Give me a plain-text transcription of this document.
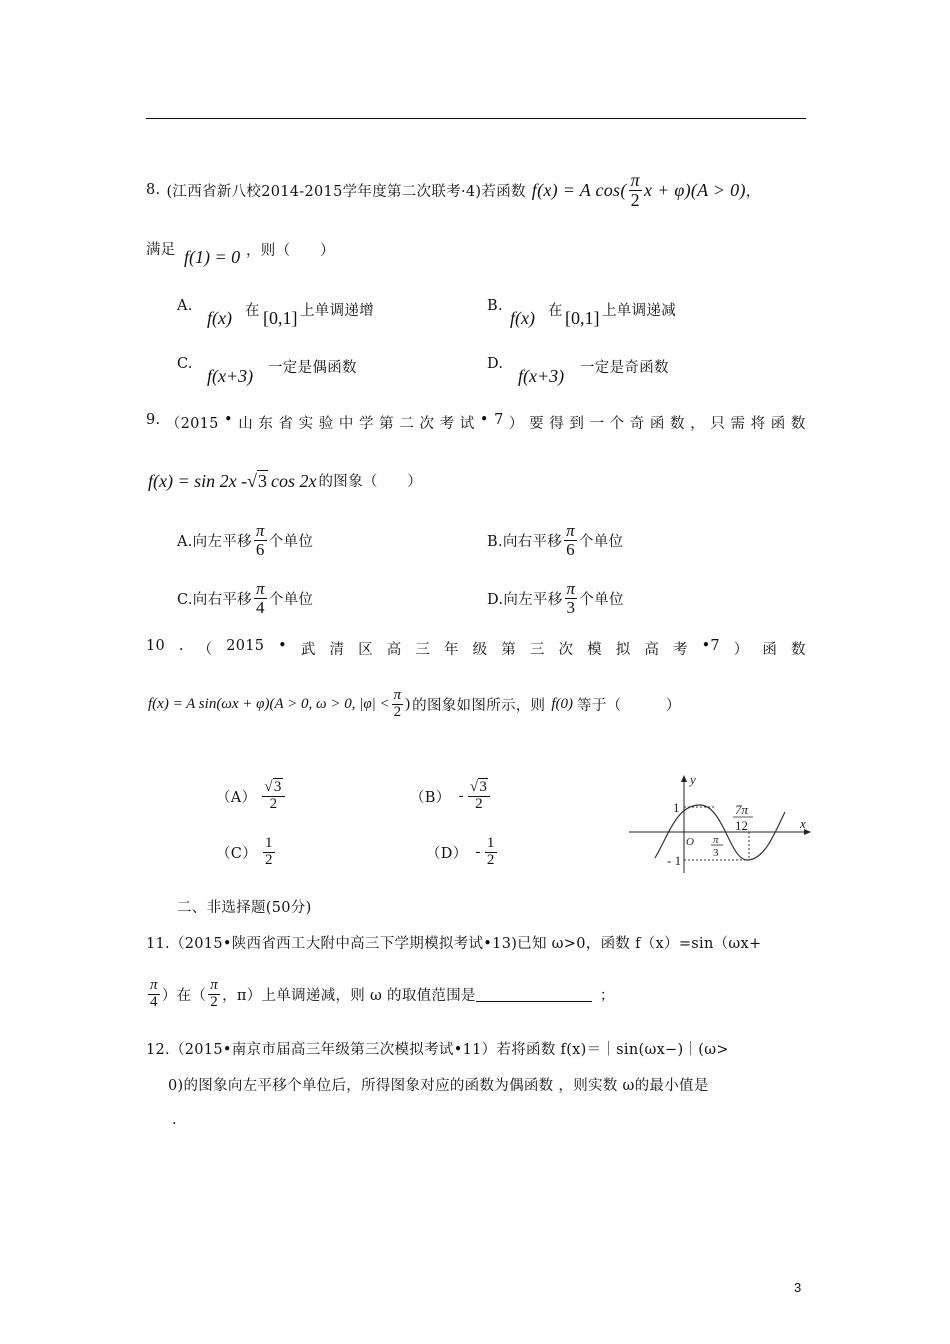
8. (江西省新八校2014-2015学年度第二次联考·4) 若函数 f(x) = A $\cos( \frac{\pi}{2}$ x + φ)(A > 0) ，
满足 f(1) = 0 ，则（　　）
A.
f(x) 在 [0,1] 上单调递增	B.
f(x) 在 [0,1] 上单调递减
C.
f(x+3) 一定是偶函数	D.
f(x+3) 一定是奇函数
9. （2015 • 山 东 省 实 验 中 学 第 二 次 考 试 • 7 ） 要 得 到 一 个 奇 函 数 ， 只 需 将 函 数
f(x) = sin 2x - √ 3 cos 2x 的图象（　　）
A.向左平移 $\frac{\pi}{6}$ 个单位	B.向右平移 $\frac{\pi}{6}$ 个单位
C.向右平移 $\frac{\pi}{4}$ 个单位	D.向左平移 $\frac{\pi}{3}$ 个单位
10 . （ 2015 • 武 清 区 高 三 年 级 第 三 次 模 拟 高 考 •7 ） 函 数
f(x) = A sin(ωx + φ)(A > 0, ω > 0, $|\varphi| < \frac{\pi}{2}$ ) 的图象如图所示，则 f(0) 等于（　　　）
$(A) \frac{√3}{2}$	$(B) - \frac{√3}{2}$
$(C) \frac{1}{2}$	$(D) - \frac{1}{2}$
y
x
O
1
- 1
7π
12
π
3
二、非选择题(50分)
11.（2015•陕西省西工大附中高三下学期模拟考试•13)已知 ω>0，函数 f（x）=sin（ωx+
$\frac{\pi}{4}$ ）在（ $\frac{\pi}{2}$ ，π）上单调递减，则 ω 的取值范围是	；
12.（2015•南京市届高三年级第三次模拟考试•11）若将函数 f(x)＝｜sin(ωx−)｜(ω>
0)的图象向左平移个单位后，所得图象对应的函数为偶函数 ，则实数 ω的最小值是
.
3
